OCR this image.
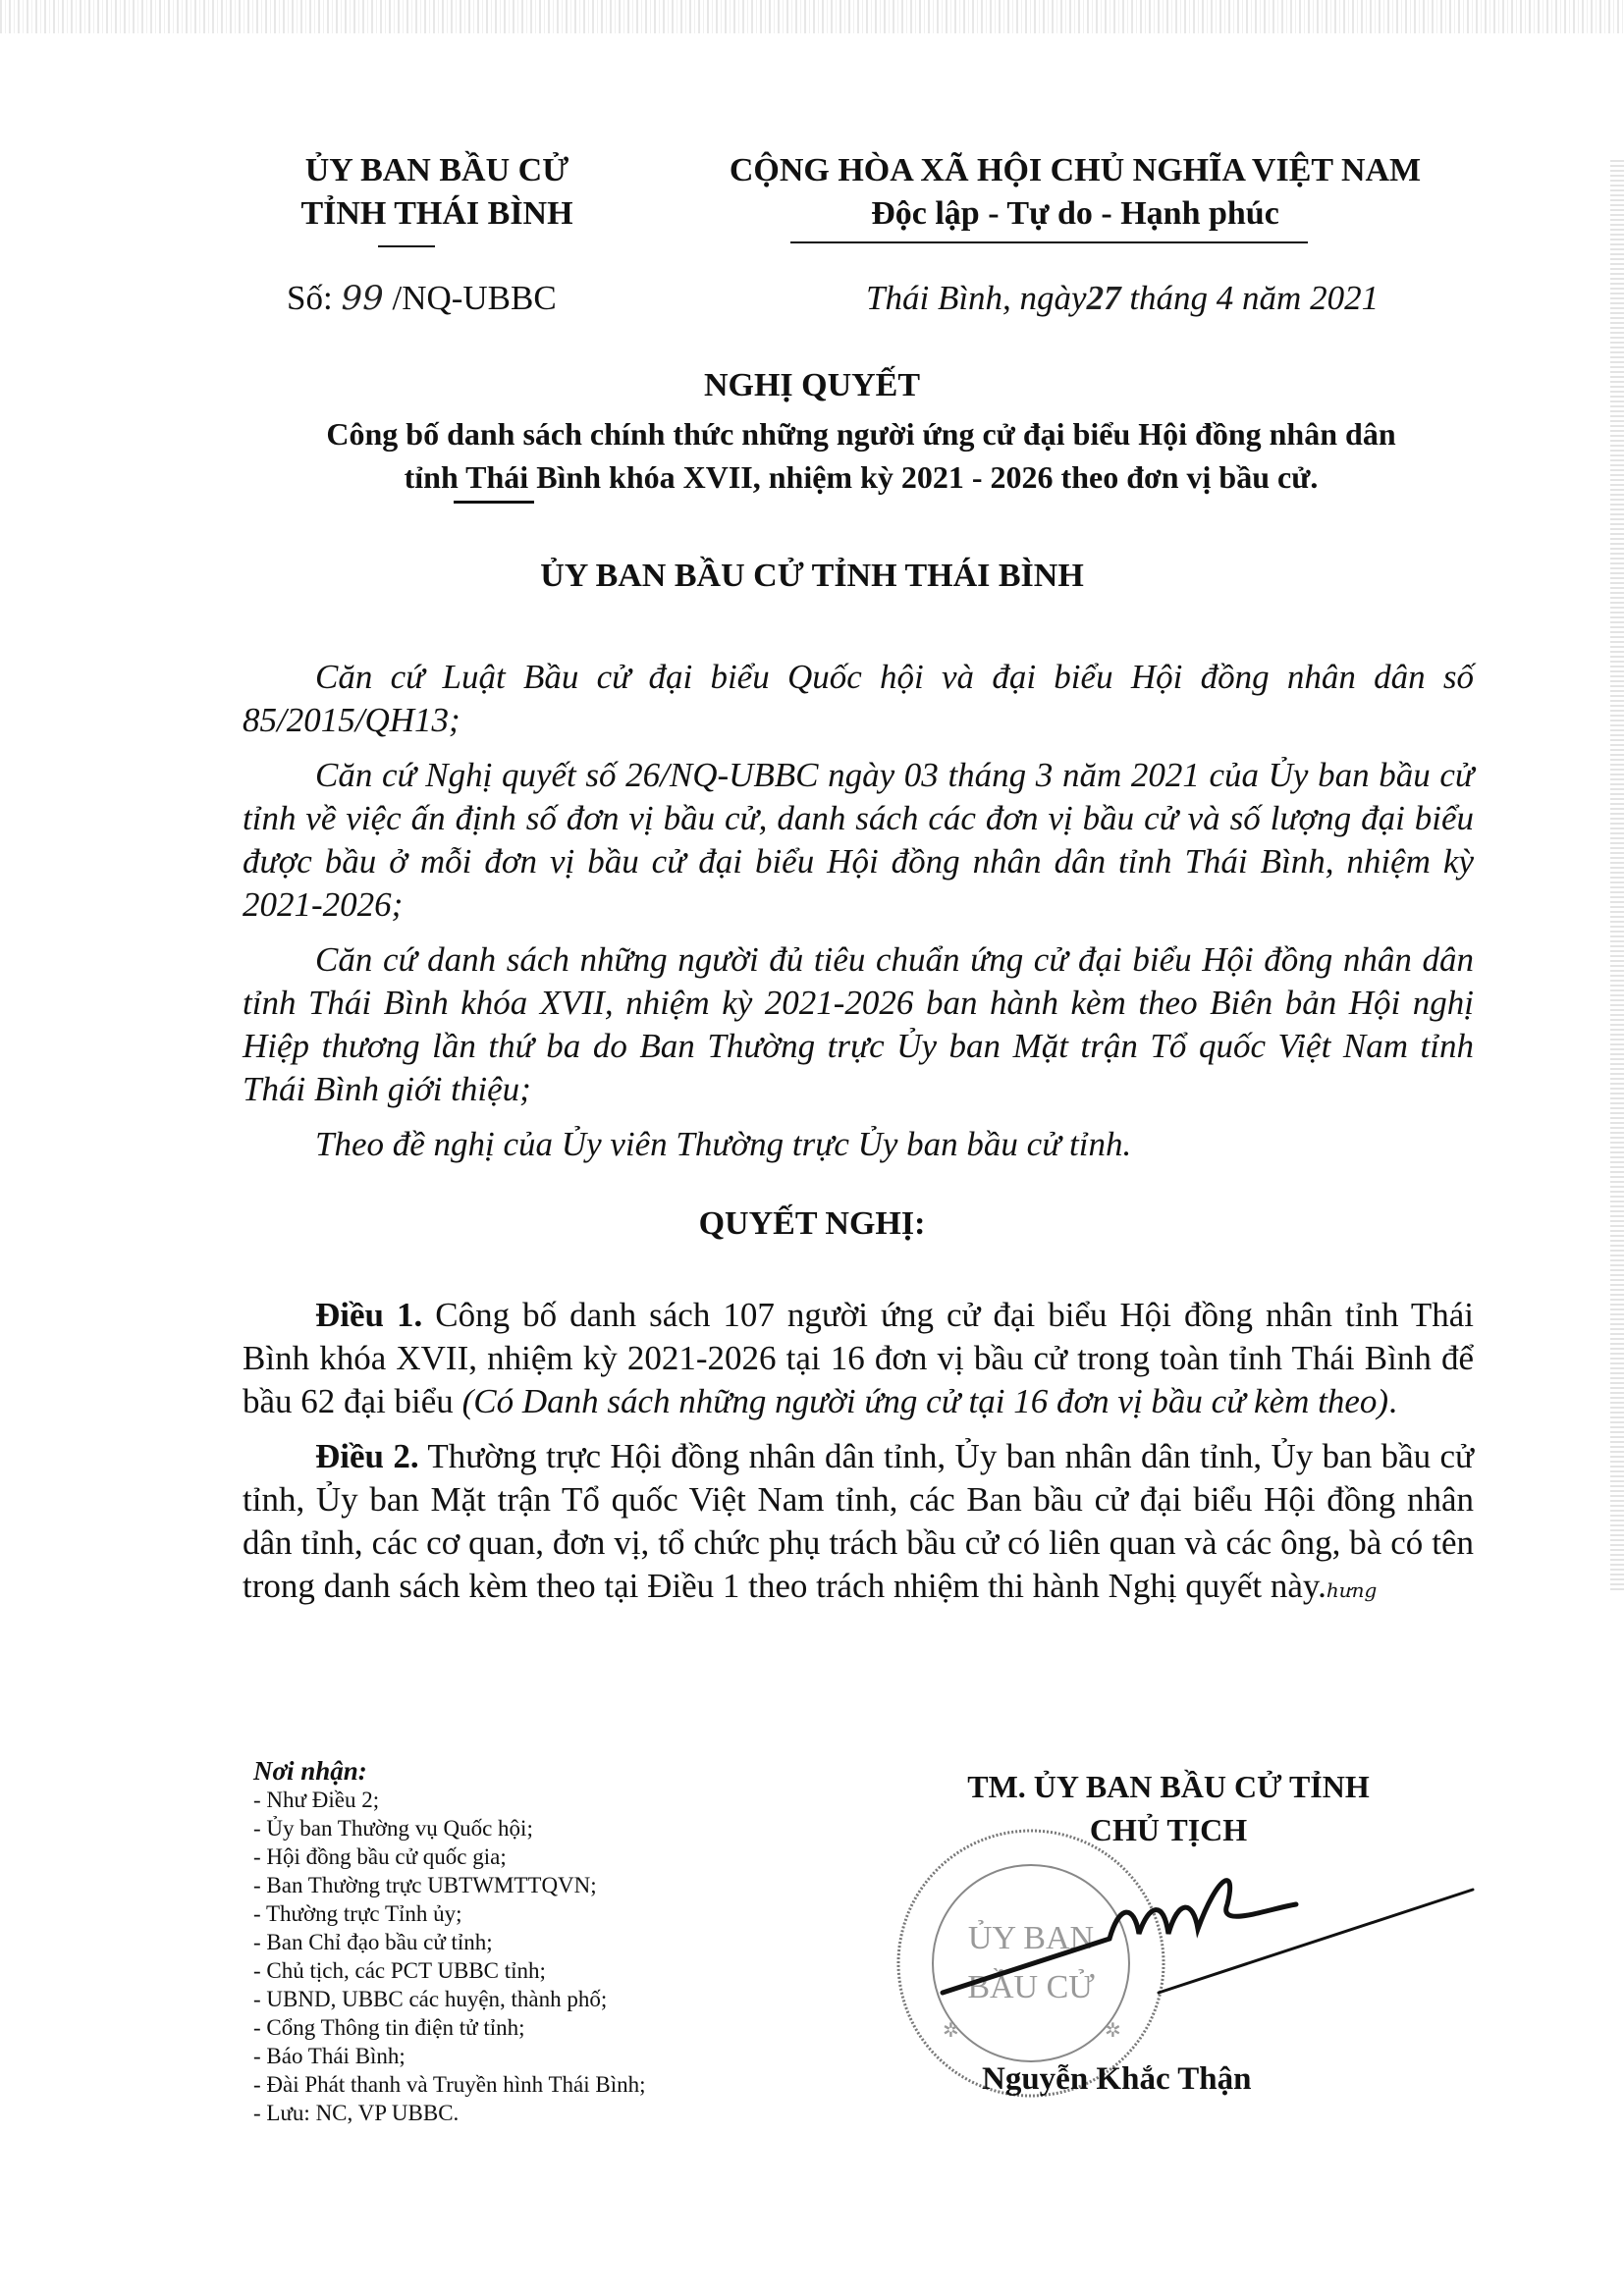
ỦY BAN BẦU CỬ
TỈNH THÁI BÌNH
CỘNG HÒA XÃ HỘI CHỦ NGHĨA VIỆT NAM
Độc lập - Tự do - Hạnh phúc
Số: 99 /NQ-UBBC	Thái Bình, ngày27 tháng 4 năm 2021
NGHỊ QUYẾT
Công bố danh sách chính thức những người ứng cử đại biểu Hội đồng nhân dân
tỉnh Thái Bình khóa XVII, nhiệm kỳ 2021 - 2026 theo đơn vị bầu cử.
ỦY BAN BẦU CỬ TỈNH THÁI BÌNH

Căn cứ Luật Bầu cử đại biểu Quốc hội và đại biểu Hội đồng nhân dân số 85/2015/QH13;

Căn cứ Nghị quyết số 26/NQ-UBBC ngày 03 tháng 3 năm 2021 của Ủy ban bầu cử tỉnh về việc ấn định số đơn vị bầu cử, danh sách các đơn vị bầu cử và số lượng đại biểu được bầu ở mỗi đơn vị bầu cử đại biểu Hội đồng nhân dân tỉnh Thái Bình, nhiệm kỳ 2021-2026;

Căn cứ danh sách những người đủ tiêu chuẩn ứng cử đại biểu Hội đồng nhân dân tỉnh Thái Bình khóa XVII, nhiệm kỳ 2021-2026 ban hành kèm theo Biên bản Hội nghị Hiệp thương lần thứ ba do Ban Thường trực Ủy ban Mặt trận Tổ quốc Việt Nam tỉnh Thái Bình giới thiệu;

Theo đề nghị của Ủy viên Thường trực Ủy ban bầu cử tỉnh.

QUYẾT NGHỊ:

Điều 1. Công bố danh sách 107 người ứng cử đại biểu Hội đồng nhân tỉnh Thái Bình khóa XVII, nhiệm kỳ 2021-2026 tại 16 đơn vị bầu cử trong toàn tỉnh Thái Bình để bầu 62 đại biểu (Có Danh sách những người ứng cử tại 16 đơn vị bầu cử kèm theo).

Điều 2. Thường trực Hội đồng nhân dân tỉnh, Ủy ban nhân dân tỉnh, Ủy ban bầu cử tỉnh, Ủy ban Mặt trận Tổ quốc Việt Nam tỉnh, các Ban bầu cử đại biểu Hội đồng nhân dân tỉnh, các cơ quan, đơn vị, tổ chức phụ trách bầu cử có liên quan và các ông, bà có tên trong danh sách kèm theo tại Điều 1 theo trách nhiệm thi hành Nghị quyết này.hưng

Nơi nhận:
- Như Điều 2;
- Ủy ban Thường vụ Quốc hội;
- Hội đồng bầu cử quốc gia;
- Ban Thường trực UBTWMTTQVN;
- Thường trực Tỉnh ủy;
- Ban Chỉ đạo bầu cử tỉnh;
- Chủ tịch, các PCT UBBC tỉnh;
- UBND, UBBC các huyện, thành phố;
- Cổng Thông tin điện tử tỉnh;
- Báo Thái Bình;
- Đài Phát thanh và Truyền hình Thái Bình;
- Lưu: NC, VP UBBC.
TM. ỦY BAN BẦU CỬ TỈNH
CHỦ TỊCH
ỦY BAN
BẦU CỬ
✲	✲
Nguyễn Khắc Thận
